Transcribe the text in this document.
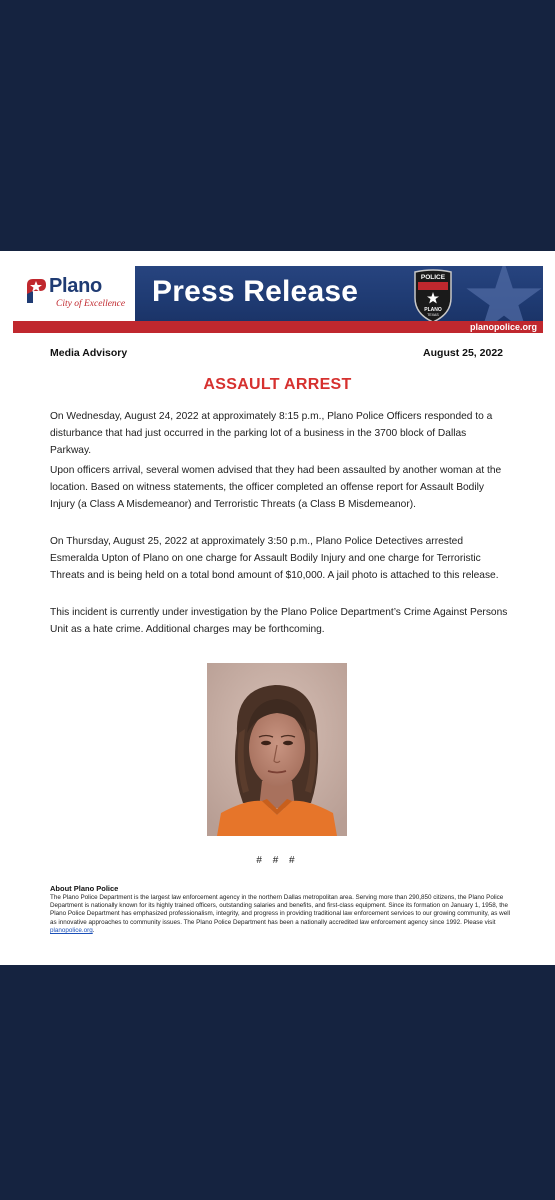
Plano
City of Excellence Press Release	POLICE
PLANO
TEXAS
planopolice.org
Media Advisory	August 25, 2022
ASSAULT ARREST
On Wednesday, August 24, 2022 at approximately 8:15 p.m., Plano Police Officers responded to a disturbance that had just occurred in the parking lot of a business in the 3700 block of Dallas Parkway.
Upon officers arrival, several women advised that they had been assaulted by another woman at the location. Based on witness statements, the officer completed an offense report for Assault Bodily Injury (a Class A Misdemeanor) and Terroristic Threats (a Class B Misdemeanor).
On Thursday, August 25, 2022 at approximately 3:50 p.m., Plano Police Detectives arrested Esmeralda Upton of Plano on one charge for Assault Bodily Injury and one charge for Terroristic Threats and is being held on a total bond amount of $10,000. A jail photo is attached to this release.
This incident is currently under investigation by the Plano Police Department’s Crime Against Persons Unit as a hate crime. Additional charges may be forthcoming.
# # #
About Plano Police
The Plano Police Department is the largest law enforcement agency in the northern Dallas metropolitan area. Serving more than 290,850 citizens, the Plano Police Department is nationally known for its highly trained officers, outstanding salaries and benefits, and first-class equipment. Since its formation on January 1, 1958, the Plano Police Department has emphasized professionalism, integrity, and progress in providing traditional law enforcement services to our growing community, as well as innovative approaches to community issues. The Plano Police Department has been a nationally accredited law enforcement agency since 1992. Please visit planopolice.org.
